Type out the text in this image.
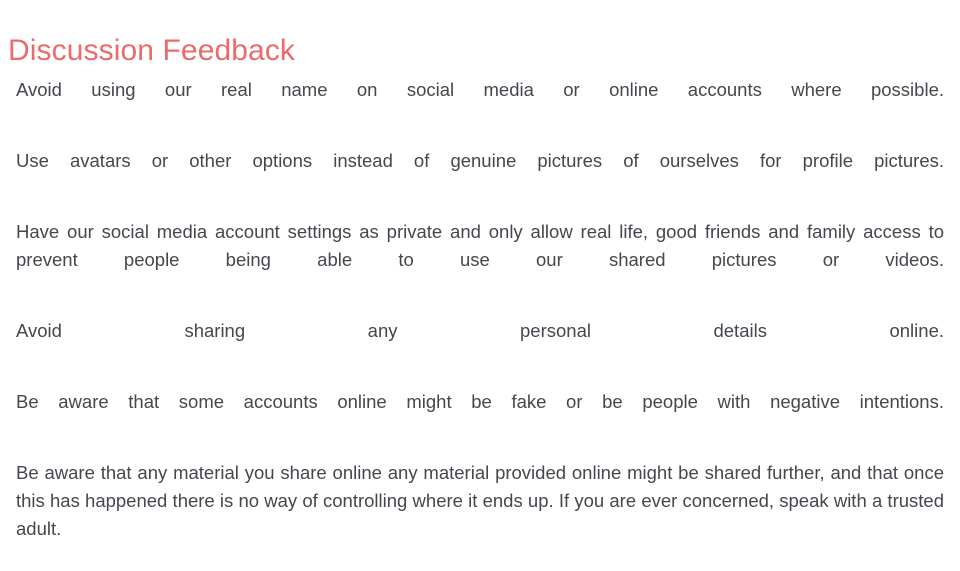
Discussion Feedback

Avoid using our real name on social media or online accounts where possible.

Use avatars or other options instead of genuine pictures of ourselves for profile pictures.

Have our social media account settings as private and only allow real life, good friends and family access to prevent people being able to use our shared pictures or videos.

Avoid sharing any personal details online.

Be aware that some accounts online might be fake or be people with negative intentions.

Be aware that any material you share online any material provided online might be shared further, and that once this has happened there is no way of controlling where it ends up. If you are ever concerned, speak with a trusted adult.
